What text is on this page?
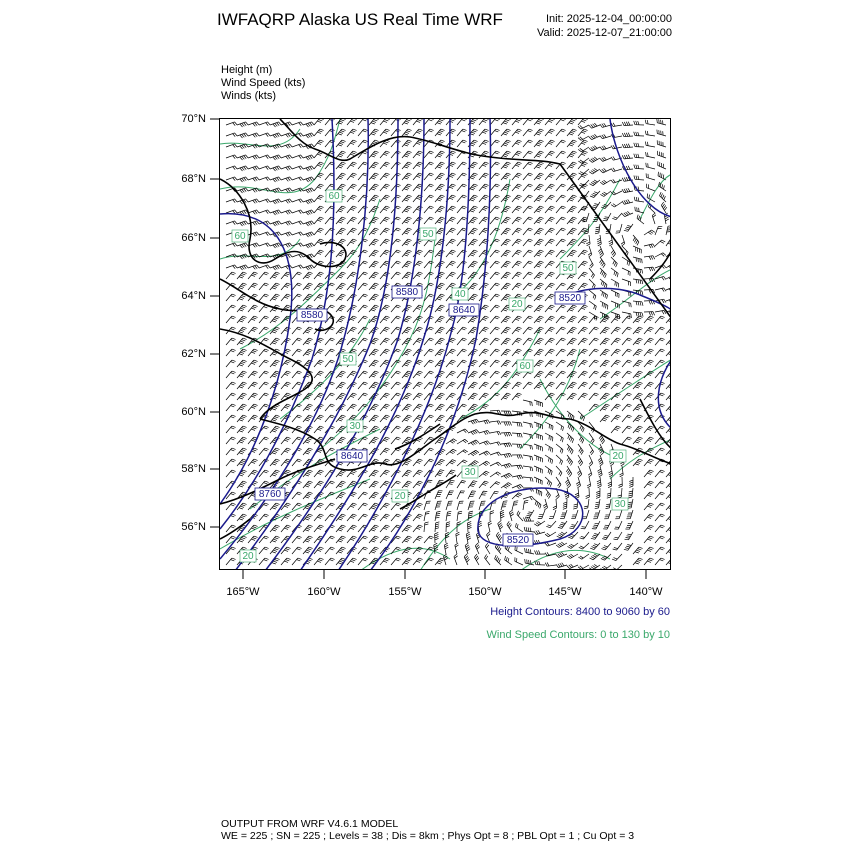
IWFAQRP Alaska US Real Time WRF	Init: 2025-12-04_00:00:00
Valid: 2025-12-07_21:00:00
Height (m)
Wind Speed (kts)
Winds (kts)
70°N
68°N
66°N
64°N
62°N
60°N
58°N
56°N
165°W	160°W	155°W	150°W	145°W	140°W
8580
8580
8640
8520
8640
8760
8520
60
50
40
20
50
60
30
20
30
30
50
20
60
20
Height Contours: 8400 to 9060 by 60
Wind Speed Contours: 0 to 130 by 10
OUTPUT FROM WRF V4.6.1 MODEL
WE = 225 ; SN = 225 ; Levels = 38 ; Dis = 8km ; Phys Opt = 8 ; PBL Opt = 1 ; Cu Opt = 3
